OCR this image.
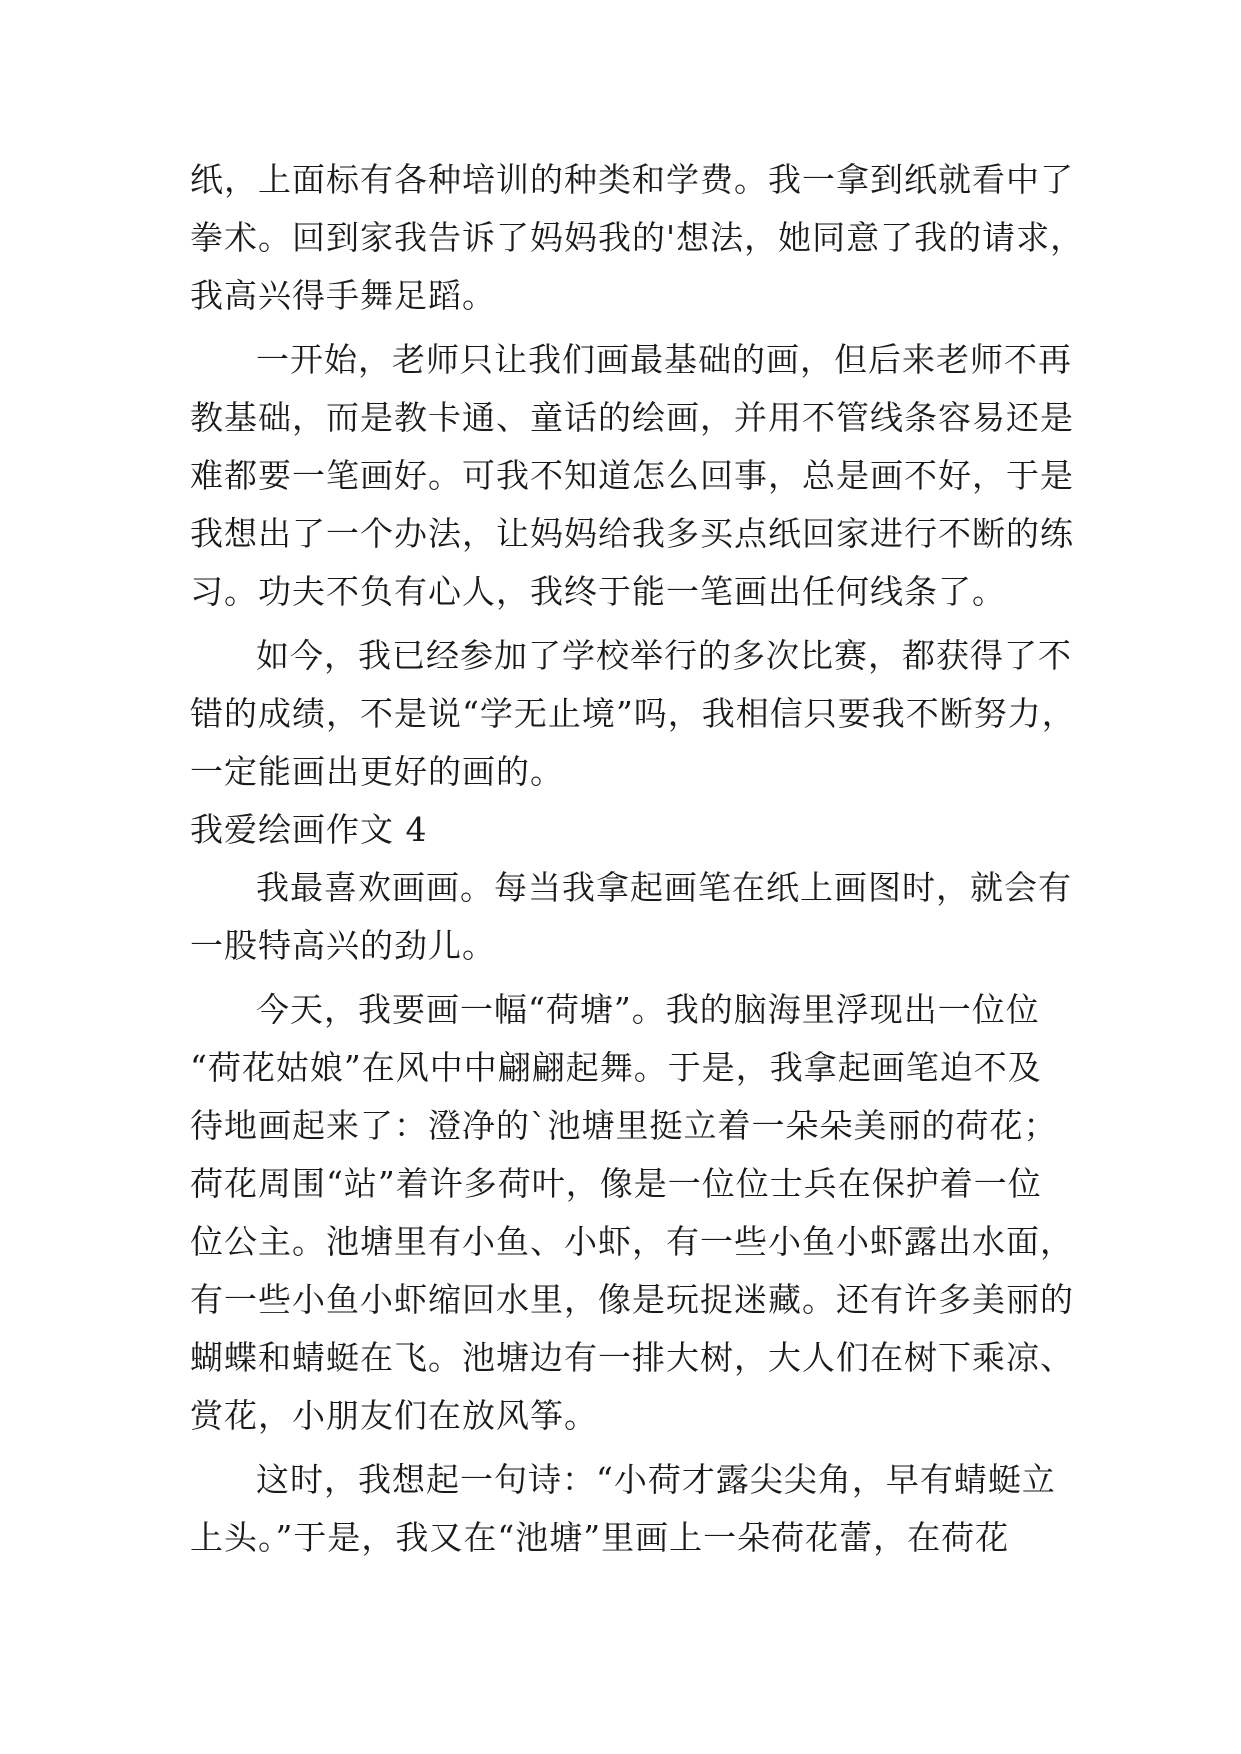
纸，上面标有各种培训的种类和学费。我一拿到纸就看中了
拳术。回到家我告诉了妈妈我的'想法，她同意了我的请求，
我高兴得手舞足蹈。
一开始，老师只让我们画最基础的画，但后来老师不再
教基础，而是教卡通、童话的绘画，并用不管线条容易还是
难都要一笔画好。可我不知道怎么回事，总是画不好，于是
我想出了一个办法，让妈妈给我多买点纸回家进行不断的练
习。功夫不负有心人，我终于能一笔画出任何线条了。
如今，我已经参加了学校举行的多次比赛，都获得了不
错的成绩，不是说“学无止境”吗，我相信只要我不断努力，
一定能画出更好的画的。
我爱绘画作文 4
我最喜欢画画。每当我拿起画笔在纸上画图时，就会有
一股特高兴的劲儿。
今天，我要画一幅“荷塘”。我的脑海里浮现出一位位
“荷花姑娘”在风中中翩翩起舞。于是，我拿起画笔迫不及
待地画起来了：澄净的`池塘里挺立着一朵朵美丽的荷花；
荷花周围“站”着许多荷叶，像是一位位士兵在保护着一位
位公主。池塘里有小鱼、小虾，有一些小鱼小虾露出水面，
有一些小鱼小虾缩回水里，像是玩捉迷藏。还有许多美丽的
蝴蝶和蜻蜓在飞。池塘边有一排大树，大人们在树下乘凉、
赏花，小朋友们在放风筝。
这时，我想起一句诗：“小荷才露尖尖角，早有蜻蜓立
上头。”于是，我又在“池塘”里画上一朵荷花蕾，在荷花
